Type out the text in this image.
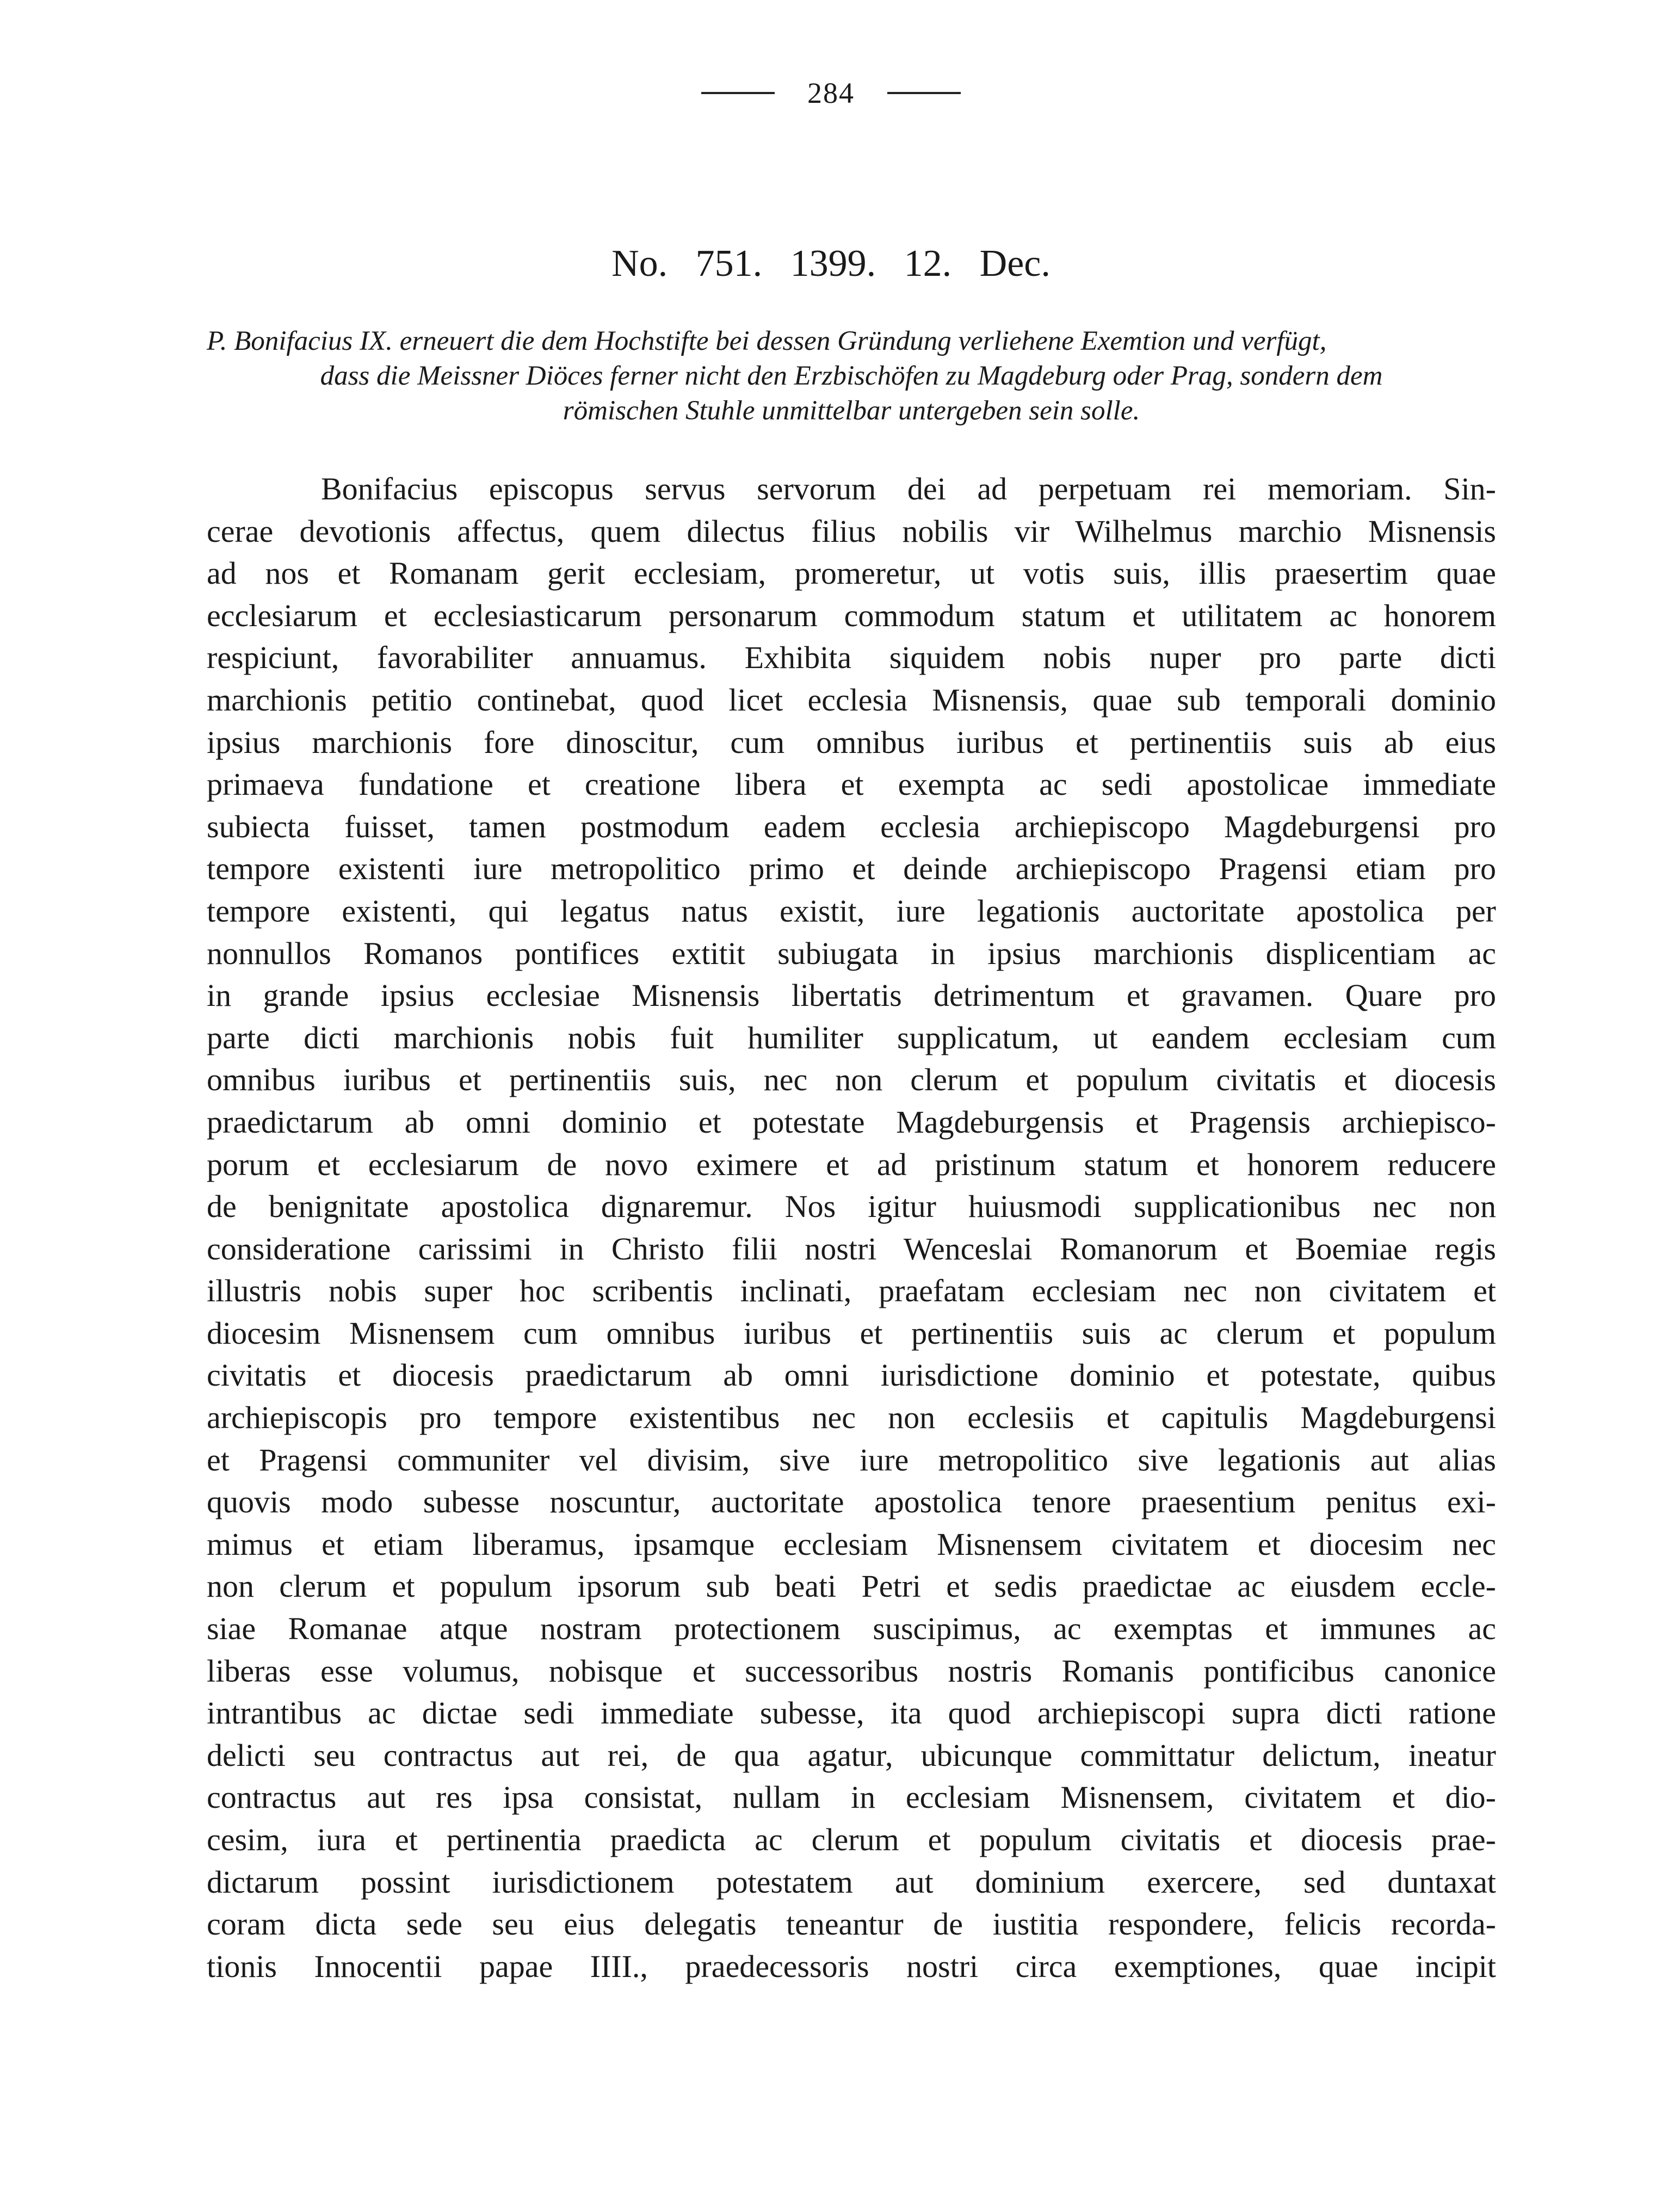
284
No. 751. 1399. 12. Dec.
P. Bonifacius IX. erneuert die dem Hochstifte bei dessen Gründung verliehene Exemtion und verfügt,
dass die Meissner Diöces ferner nicht den Erzbischöfen zu Magdeburg oder Prag, sondern dem
römischen Stuhle unmittelbar untergeben sein solle.
Bonifacius episcopus servus servorum dei ad perpetuam rei memoriam. Sin-
cerae devotionis affectus, quem dilectus filius nobilis vir Wilhelmus marchio Misnensis
ad nos et Romanam gerit ecclesiam, promeretur, ut votis suis, illis praesertim quae
ecclesiarum et ecclesiasticarum personarum commodum statum et utilitatem ac honorem
respiciunt, favorabiliter annuamus. Exhibita siquidem nobis nuper pro parte dicti
marchionis petitio continebat, quod licet ecclesia Misnensis, quae sub temporali dominio
ipsius marchionis fore dinoscitur, cum omnibus iuribus et pertinentiis suis ab eius
primaeva fundatione et creatione libera et exempta ac sedi apostolicae immediate
subiecta fuisset, tamen postmodum eadem ecclesia archiepiscopo Magdeburgensi pro
tempore existenti iure metropolitico primo et deinde archiepiscopo Pragensi etiam pro
tempore existenti, qui legatus natus existit, iure legationis auctoritate apostolica per
nonnullos Romanos pontifices extitit subiugata in ipsius marchionis displicentiam ac
in grande ipsius ecclesiae Misnensis libertatis detrimentum et gravamen. Quare pro
parte dicti marchionis nobis fuit humiliter supplicatum, ut eandem ecclesiam cum
omnibus iuribus et pertinentiis suis, nec non clerum et populum civitatis et diocesis
praedictarum ab omni dominio et potestate Magdeburgensis et Pragensis archiepisco-
porum et ecclesiarum de novo eximere et ad pristinum statum et honorem reducere
de benignitate apostolica dignaremur. Nos igitur huiusmodi supplicationibus nec non
consideratione carissimi in Christo filii nostri Wenceslai Romanorum et Boemiae regis
illustris nobis super hoc scribentis inclinati, praefatam ecclesiam nec non civitatem et
diocesim Misnensem cum omnibus iuribus et pertinentiis suis ac clerum et populum
civitatis et diocesis praedictarum ab omni iurisdictione dominio et potestate, quibus
archiepiscopis pro tempore existentibus nec non ecclesiis et capitulis Magdeburgensi
et Pragensi communiter vel divisim, sive iure metropolitico sive legationis aut alias
quovis modo subesse noscuntur, auctoritate apostolica tenore praesentium penitus exi-
mimus et etiam liberamus, ipsamque ecclesiam Misnensem civitatem et diocesim nec
non clerum et populum ipsorum sub beati Petri et sedis praedictae ac eiusdem eccle-
siae Romanae atque nostram protectionem suscipimus, ac exemptas et immunes ac
liberas esse volumus, nobisque et successoribus nostris Romanis pontificibus canonice
intrantibus ac dictae sedi immediate subesse, ita quod archiepiscopi supra dicti ratione
delicti seu contractus aut rei, de qua agatur, ubicunque committatur delictum, ineatur
contractus aut res ipsa consistat, nullam in ecclesiam Misnensem, civitatem et dio-
cesim, iura et pertinentia praedicta ac clerum et populum civitatis et diocesis prae-
dictarum possint iurisdictionem potestatem aut dominium exercere, sed duntaxat
coram dicta sede seu eius delegatis teneantur de iustitia respondere, felicis recorda-
tionis Innocentii papae IIII., praedecessoris nostri circa exemptiones, quae incipit
